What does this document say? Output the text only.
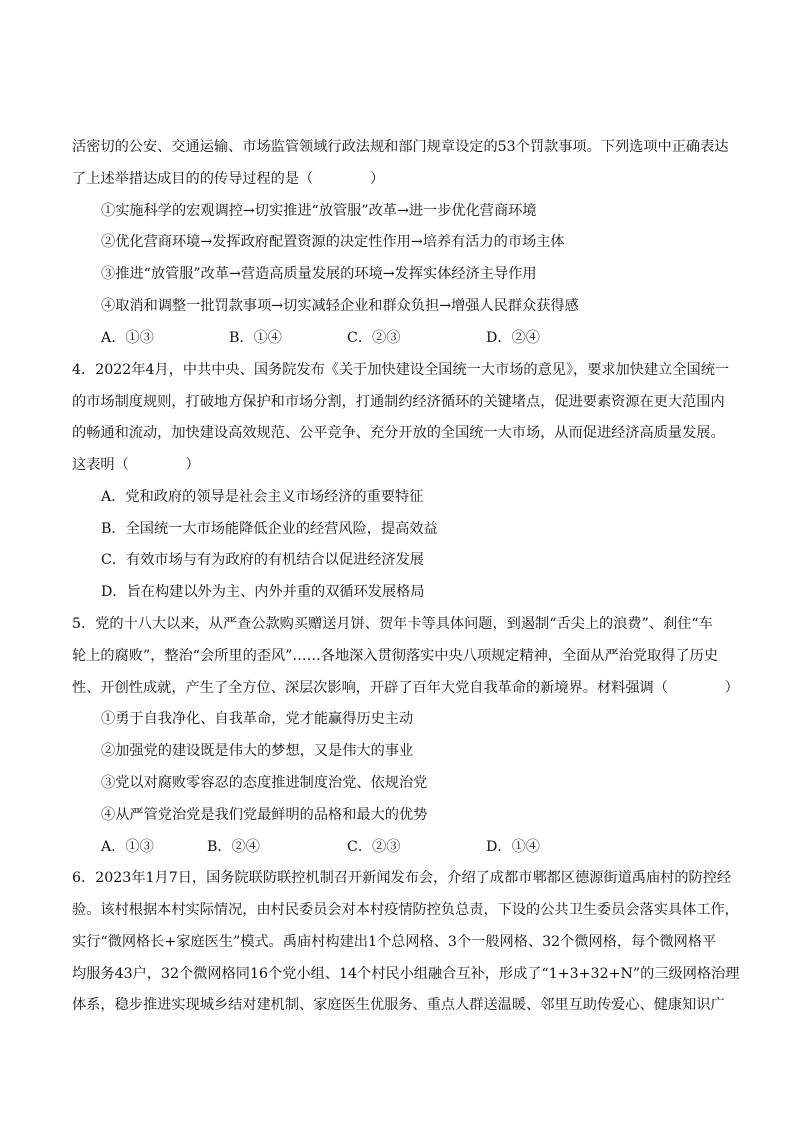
活密切的公安、交通运输、市场监管领域行政法规和部门规章设定的53个罚款事项。下列选项中正确表达
了上述举措达成目的的传导过程的是（　　　　）
①实施科学的宏观调控→切实推进“放管服”改革→进一步优化营商环境
②优化营商环境→发挥政府配置资源的决定性作用→培养有活力的市场主体
③推进“放管服”改革→营造高质量发展的环境→发挥实体经济主导作用
④取消和调整一批罚款事项→切实减轻企业和群众负担→增强人民群众获得感
A．①③	B．①④	C．②③	D．②④
4．2022年4月，中共中央、国务院发布《关于加快建设全国统一大市场的意见》，要求加快建立全国统一
的市场制度规则，打破地方保护和市场分割，打通制约经济循环的关键堵点，促进要素资源在更大范围内
的畅通和流动，加快建设高效规范、公平竞争、充分开放的全国统一大市场，从而促进经济高质量发展。
这表明（　　　　）
A．党和政府的领导是社会主义市场经济的重要特征
B．全国统一大市场能降低企业的经营风险，提高效益
C．有效市场与有为政府的有机结合以促进经济发展
D．旨在构建以外为主、内外并重的双循环发展格局
5．党的十八大以来，从严查公款购买赠送月饼、贺年卡等具体问题，到遏制“舌尖上的浪费”、刹住“车
轮上的腐败”，整治“会所里的歪风”……各地深入贯彻落实中央八项规定精神，全面从严治党取得了历史
性、开创性成就，产生了全方位、深层次影响，开辟了百年大党自我革命的新境界。材料强调（　　　　）
①勇于自我净化、自我革命，党才能赢得历史主动
②加强党的建设既是伟大的梦想，又是伟大的事业
③党以对腐败零容忍的态度推进制度治党、依规治党
④从严管党治党是我们党最鲜明的品格和最大的优势
A．①③	B．②④	C．②③	D．①④
6．2023年1月7日，国务院联防联控机制召开新闻发布会，介绍了成都市郫都区德源街道禹庙村的防控经
验。该村根据本村实际情况，由村民委员会对本村疫情防控负总责，下设的公共卫生委员会落实具体工作，
实行“微网格长+家庭医生”模式。禹庙村构建出1个总网格、3个一般网格、32个微网格，每个微网格平
均服务43户，32个微网格同16个党小组、14个村民小组融合互补，形成了“1+3+32+N”的三级网格治理
体系，稳步推进实现城乡结对建机制、家庭医生优服务、重点人群送温暖、邻里互助传爱心、健康知识广
